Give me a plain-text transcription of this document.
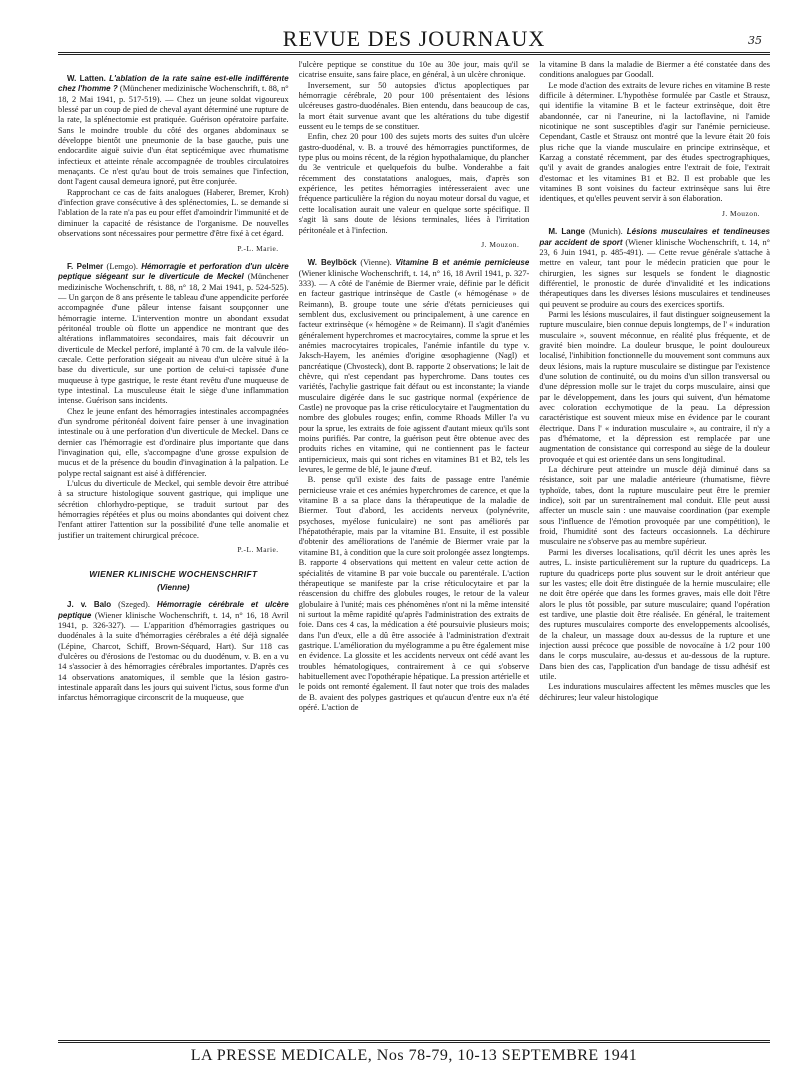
REVUE DES JOURNAUX	35

W. Latten. L'ablation de la rate saine est-elle indifférente chez l'homme ? (Münchener medizinische Wochenschrift, t. 88, n° 18, 2 Mai 1941, p. 517-519). — Chez un jeune soldat vigoureux blessé par un coup de pied de cheval ayant déterminé une rupture de la rate, la splénectomie est pratiquée. Guérison opératoire parfaite. Sans le moindre trouble du côté des organes abdominaux se développe bientôt une pneumonie de la base gauche, puis une endocardite aiguë suivie d'un état septicémique avec rhumatisme infectieux et atteinte rénale accompagnée de troubles circulatoires menaçants. Ce n'est qu'au bout de trois semaines que l'infection, dont l'agent causal demeura ignoré, put être conjurée.

Rapprochant ce cas de faits analogues (Haberer, Bremer, Kroh) d'infection grave consécutive à des splénectomies, L. se demande si l'ablation de la rate n'a pas eu pour effet d'amoindrir l'immunité et de diminuer la capacité de résistance de l'organisme. De nouvelles observations sont nécessaires pour permettre d'être fixé à cet égard.

P.-L. Marie.

F. Pelmer (Lemgo). Hémorragie et perforation d'un ulcère peptique siégeant sur le diverticule de Meckel (Münchener medizinische Wochenschrift, t. 88, n° 18, 2 Mai 1941, p. 524-525). — Un garçon de 8 ans présente le tableau d'une appendicite perforée accompagnée d'une pâleur intense faisant soupçonner une hémorragie interne. L'intervention montre un abondant exsudat péritonéal trouble où flotte un appendice ne montrant que des altérations inflammatoires secondaires, mais fait découvrir un diverticule de Meckel perforé, implanté à 70 cm. de la valvule iléo-cæcale. Cette perforation siégeait au niveau d'un ulcère situé à la base du diverticule, sur une portion de celui-ci tapissée d'une muqueuse à type gastrique, le reste étant revêtu d'une muqueuse de type intestinal. La musculeuse était le siège d'une inflammation intense. Guérison sans incidents.

Chez le jeune enfant des hémorragies intestinales accompagnées d'un syndrome péritonéal doivent faire penser à une invagination intestinale ou à une perforation d'un diverticule de Meckel. Dans ce dernier cas l'hémorragie est d'ordinaire plus importante que dans l'invagination qui, elle, s'accompagne d'une grosse expulsion de mucus et de la présence du boudin d'invagination à la palpation. Le polype rectal saignant est aisé à différencier.

L'ulcus du diverticule de Meckel, qui semble devoir être attribué à sa structure histologique souvent gastrique, qui implique une sécrétion chlorhydro-peptique, se traduit surtout par des hémorragies répétées et plus ou moins abondantes qui doivent chez l'enfant attirer l'attention sur la possibilité d'une telle anomalie et justifier un traitement chirurgical précoce.

P.-L. Marie.

WIENER KLINISCHE WOCHENSCHRIFT
(Vienne)

J. v. Balo (Szeged). Hémorragie cérébrale et ulcère peptique (Wiener klinische Wochenschrift, t. 14, n° 16, 18 Avril 1941, p. 326-327). — L'apparition d'hémorragies gastriques ou duodénales à la suite d'hémorragies cérébrales a été déjà signalée (Lépine, Charcot, Schiff, Brown-Séquard, Hart). Sur 118 cas d'ulcères ou d'érosions de l'estomac ou du duodénum, v. B. en a vu 14 s'associer à des hémorragies cérébrales importantes. D'après ces 14 observations anatomiques, il semble que la lésion gastro-intestinale apparaît dans les jours qui suivent l'ictus, sous forme d'un infarctus hémorragique circonscrit de la muqueuse, que

l'ulcère peptique se constitue du 10e au 30e jour, mais qu'il se cicatrise ensuite, sans faire place, en général, à un ulcère chronique.

Inversement, sur 50 autopsies d'ictus apoplectiques par hémorragie cérébrale, 20 pour 100 présentaient des lésions ulcéreuses gastro-duodénales. Bien entendu, dans beaucoup de cas, la mort était survenue avant que les altérations du tube digestif eussent eu le temps de se constituer.

Enfin, chez 20 pour 100 des sujets morts des suites d'un ulcère gastro-duodénal, v. B. a trouvé des hémorragies punctiformes, de type plus ou moins récent, de la région hypothalamique, du plancher du 3e ventricule et quelquefois du bulbe. Vonderahbe a fait récemment des constatations analogues, mais, d'après son expérience, les petites hémorragies intéresseraient avec une fréquence particulière la région du noyau moteur dorsal du vague, et cette localisation aurait une valeur en quelque sorte spécifique. Il s'agit là sans doute de lésions terminales, liées à l'irritation péritonéale et à l'infection.

J. Mouzon.

W. Beylböck (Vienne). Vitamine B et anémie pernicieuse (Wiener klinische Wochenschrift, t. 14, n° 16, 18 Avril 1941, p. 327-333). — A côté de l'anémie de Biermer vraie, définie par le déficit en facteur gastrique intrinsèque de Castle (« hémogénase » de Reimann), B. groupe toute une série d'états pernicieuses qui semblent dus, exclusivement ou principalement, à une carence en facteur extrinsèque (« hémogène » de Reimann). Il s'agit d'anémies généralement hyperchromes et macrocytaires, comme la sprue et les anémies macrocytaires tropicales, l'anémie infantile du type v. Jaksch-Hayem, les anémies d'origine œsophagienne (Nagl) et pancréatique (Chvosteck), dont B. rapporte 2 observations; le lait de chèvre, qui n'est cependant pas hyperchrome. Dans toutes ces variétés, l'achylie gastrique fait défaut ou est inconstante; la viande musculaire digérée dans le suc gastrique normal (expérience de Castle) ne provoque pas la crise réticulocytaire et l'augmentation du nombre des globules rouges; enfin, comme Rhoads Miller l'a vu pour la sprue, les extraits de foie agissent d'autant mieux qu'ils sont moins purifiés. Par contre, la guérison peut être obtenue avec des produits riches en vitamine, qui ne contiennent pas le facteur antipernicieux, mais qui sont riches en vitamines B1 et B2, tels les levures, le germe de blé, le jaune d'œuf.

B. pense qu'il existe des faits de passage entre l'anémie pernicieuse vraie et ces anémies hyperchromes de carence, et que la vitamine B a sa place dans la thérapeutique de la maladie de Biermer. Tout d'abord, les accidents nerveux (polynévrite, psychoses, myélose funiculaire) ne sont pas améliorés par l'hépatothérapie, mais par la vitamine B1. Ensuite, il est possible d'obtenir des améliorations de l'anémie de Biermer vraie par la vitamine B1, à condition que la cure soit prolongée assez longtemps. B. rapporte 4 observations qui mettent en valeur cette action de spécialités de vitamine B par voie buccale ou parentérale. L'action thérapeutique se manifeste par la crise réticulocytaire et par la réascension du chiffre des globules rouges, le retour de la valeur globulaire à l'unité; mais ces phénomènes n'ont ni la même intensité ni surtout la même rapidité qu'après l'administration des extraits de foie. Dans ces 4 cas, la médication a été poursuivie plusieurs mois; dans l'un d'eux, elle a dû être associée à l'administration d'extrait gastrique. L'amélioration du myélogramme a pu être également mise en évidence. La glossite et les accidents nerveux ont cédé avant les troubles hématologiques, contrairement à ce qui s'observe habituellement avec l'opothérapie hépatique. La pression artérielle et le poids ont remonté également. Il faut noter que trois des malades de B. avaient des polypes gastriques et qu'aucun d'entre eux n'a été opéré. L'action de

la vitamine B dans la maladie de Biermer a été constatée dans des conditions analogues par Goodall.

Le mode d'action des extraits de levure riches en vitamine B reste difficile à déterminer. L'hypothèse formulée par Castle et Strausz, qui identifie la vitamine B et le facteur extrinsèque, doit être abandonnée, car ni l'aneurine, ni la lactoflavine, ni l'amide nicotinique ne sont susceptibles d'agir sur l'anémie pernicieuse. Cependant, Castle et Strausz ont montré que la levure était 20 fois plus riche que la viande musculaire en principe extrinsèque, et Karzag a constaté récemment, par des études spectrographiques, qu'il y avait de grandes analogies entre l'extrait de foie, l'extrait d'estomac et les vitamines B1 et B2. Il est probable que les vitamines B sont voisines du facteur extrinsèque sans lui être identiques, et qu'elles peuvent servir à son élaboration.

J. Mouzon.

M. Lange (Munich). Lésions musculaires et tendineuses par accident de sport (Wiener klinische Wochenschrift, t. 14, n° 23, 6 Juin 1941, p. 485-491). — Cette revue générale s'attache à mettre en valeur, tant pour le médecin praticien que pour le chirurgien, les signes sur lesquels se fondent le diagnostic différentiel, le pronostic de durée d'invalidité et les indications thérapeutiques dans les diverses lésions musculaires et tendineuses qui peuvent se produire au cours des exercices sportifs.

Parmi les lésions musculaires, il faut distinguer soigneusement la rupture musculaire, bien connue depuis longtemps, de l' « induration musculaire », souvent méconnue, en réalité plus fréquente, et de gravité bien moindre. La douleur brusque, le point douloureux localisé, l'inhibition fonctionnelle du mouvement sont communs aux deux lésions, mais la rupture musculaire se distingue par l'existence d'une solution de continuité, ou du moins d'un sillon transversal ou d'une dépression molle sur le trajet du corps musculaire, ainsi que par le développement, dans les jours qui suivent, d'un hématome avec coloration ecchymotique de la peau. La dépression caractéristique est souvent mieux mise en évidence par le courant électrique. Dans l' « induration musculaire », au contraire, il n'y a pas d'hématome, et la dépression est remplacée par une augmentation de consistance qui correspond au siège de la douleur provoquée et qui est orientée dans un sens longitudinal.

La déchirure peut atteindre un muscle déjà diminué dans sa résistance, soit par une maladie antérieure (rhumatisme, fièvre typhoïde, tabes, dont la rupture musculaire peut être le premier indice), soit par un surentraînement mal conduit. Elle peut aussi affecter un muscle sain : une mauvaise coordination (par exemple sous l'influence de l'émotion provoquée par une compétition), le froid, l'humidité sont des facteurs occasionnels. La déchirure musculaire ne s'observe pas au membre supérieur.

Parmi les diverses localisations, qu'il décrit les unes après les autres, L. insiste particulièrement sur la rupture du quadriceps. La rupture du quadriceps porte plus souvent sur le droit antérieur que sur les vastes; elle doit être distinguée de la hernie musculaire; elle ne doit être opérée que dans les formes graves, mais elle doit l'être alors le plus tôt possible, par suture musculaire; quand l'opération est tardive, une plastie doit être réalisée. En général, le traitement des ruptures musculaires comporte des enveloppements alcoolisés, de la chaleur, un massage doux au-dessus de la rupture et une injection aussi précoce que possible de novocaïne à 1/2 pour 100 dans le corps musculaire, au-dessus et au-dessous de la rupture. Dans bien des cas, l'application d'un bandage de tissu adhésif est utile.

Les indurations musculaires affectent les mêmes muscles que les déchirures; leur valeur histologique

LA PRESSE MEDICALE, Nos 78-79, 10-13 SEPTEMBRE 1941
